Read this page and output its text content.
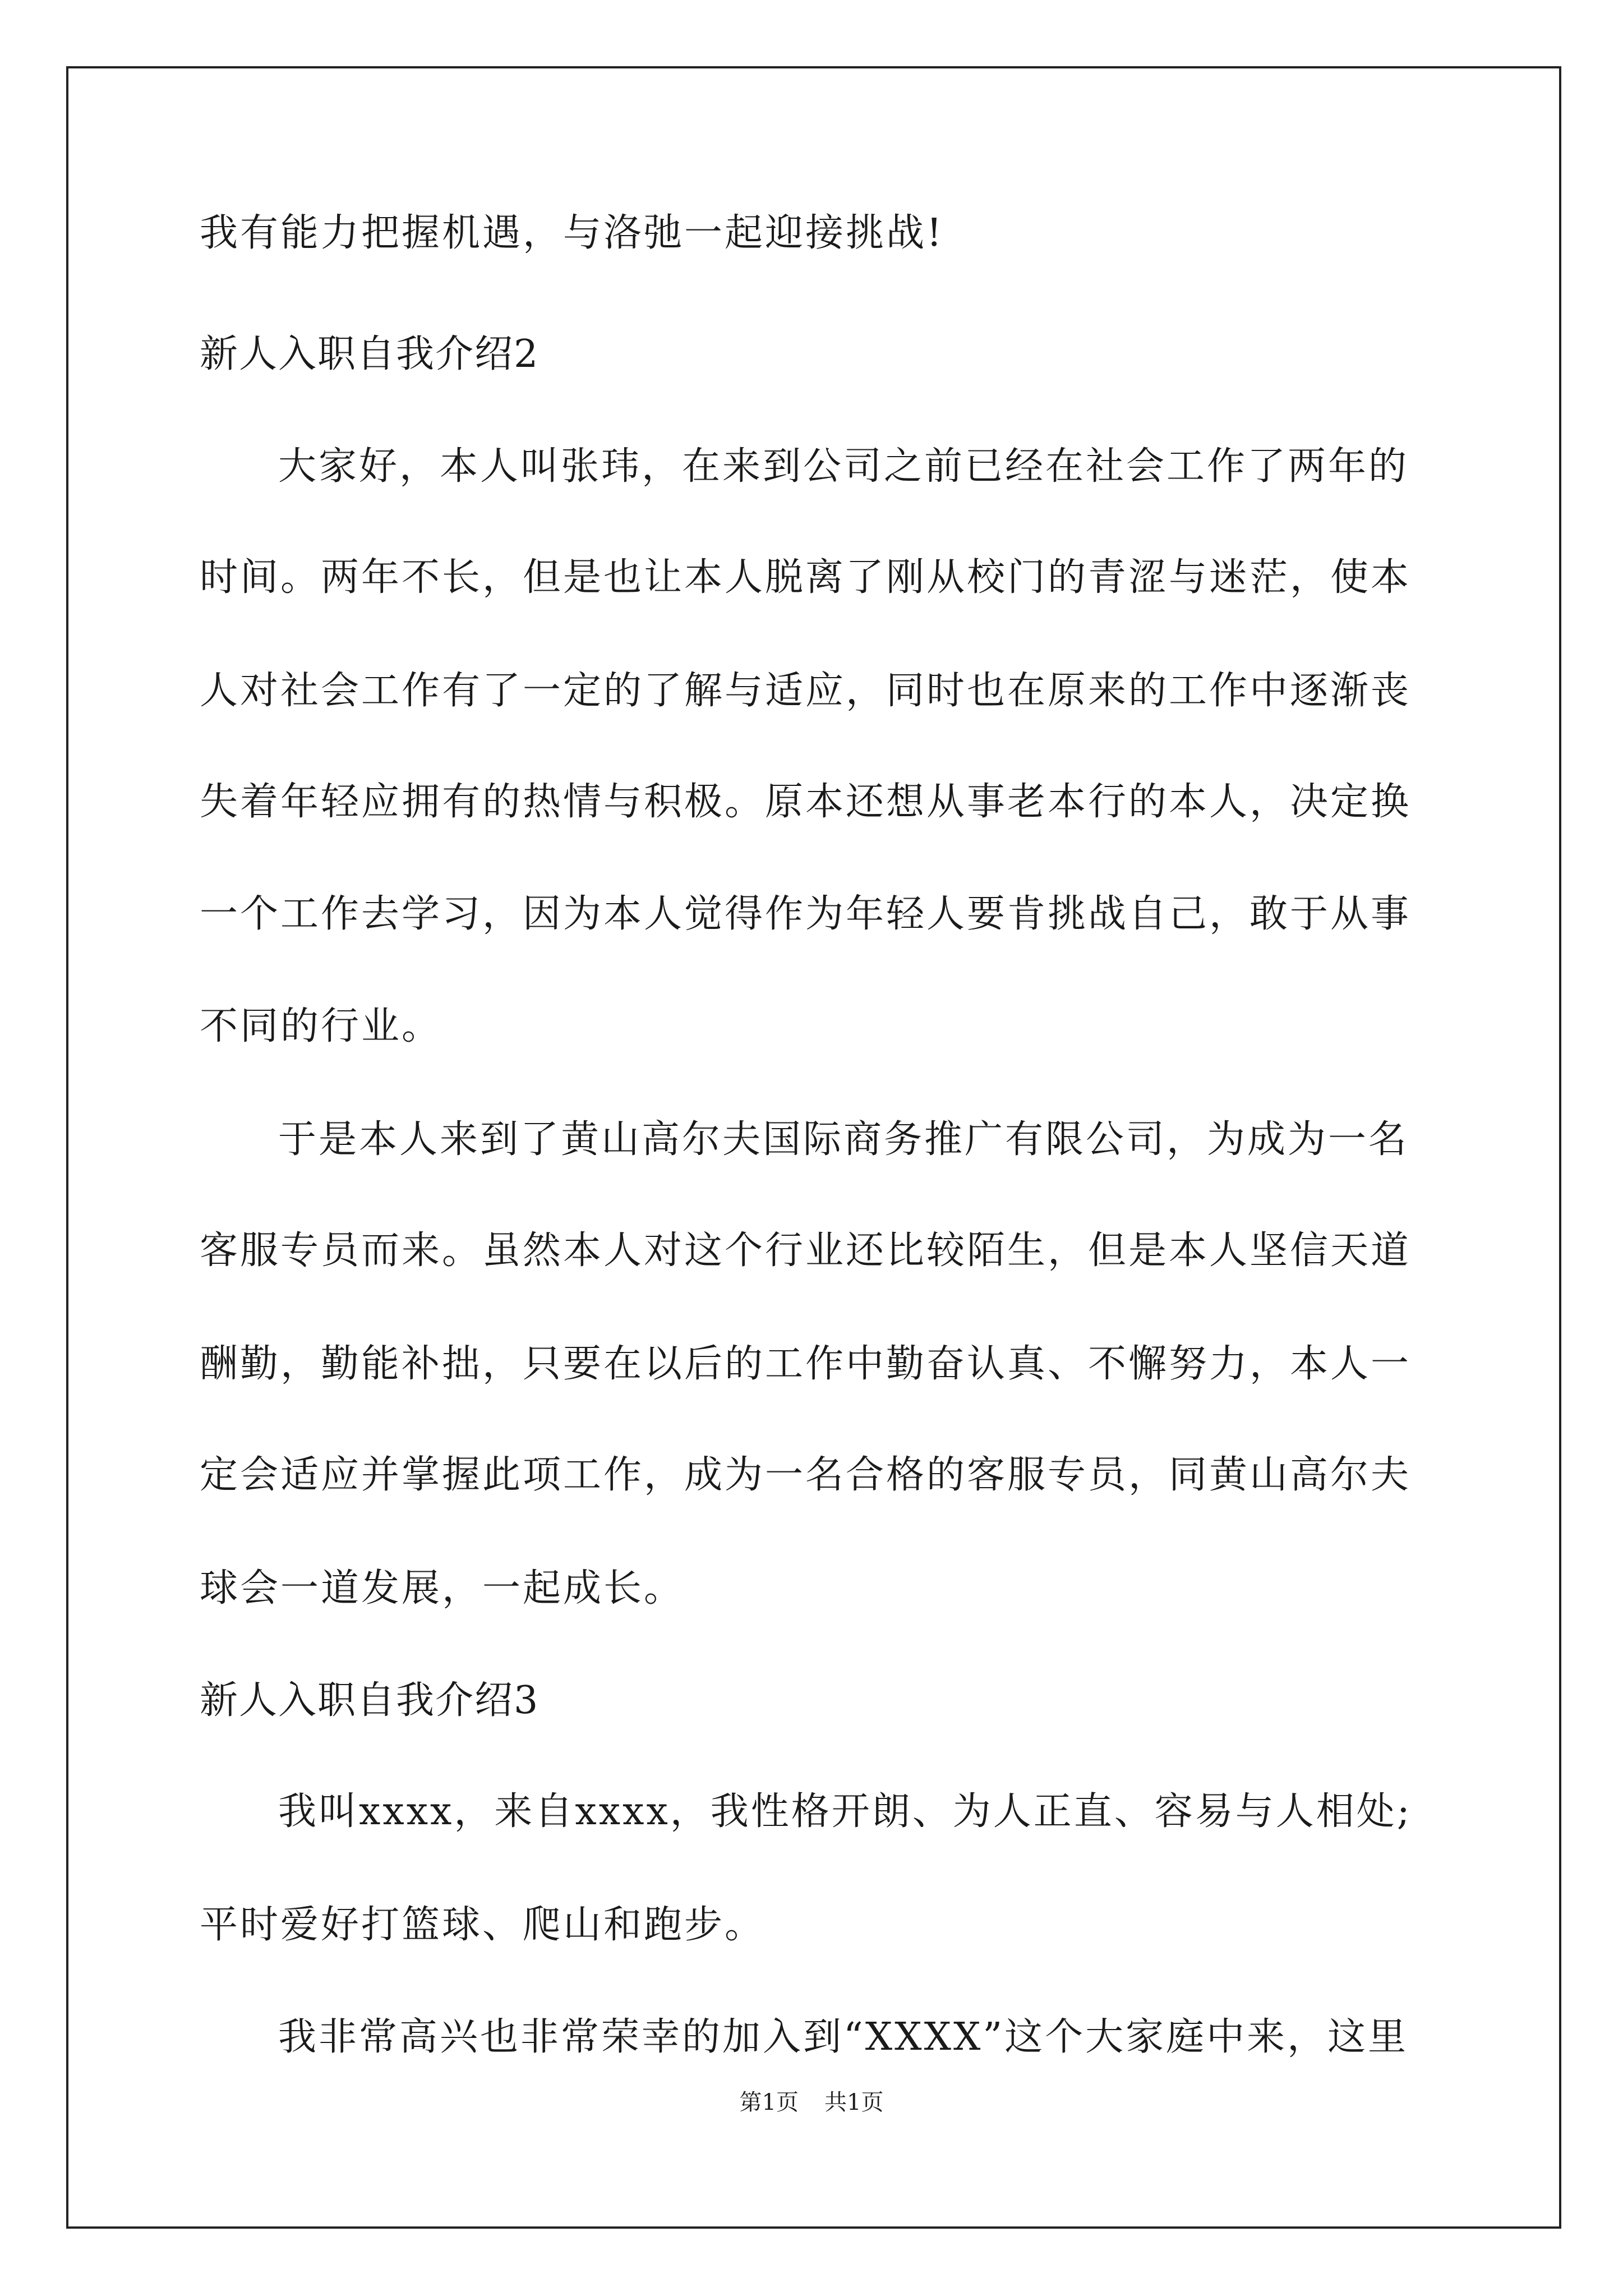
我有能力把握机遇，与洛弛一起迎接挑战!
新人入职自我介绍2
大家好，本人叫张玮，在来到公司之前已经在社会工作了两年的
时间。两年不长，但是也让本人脱离了刚从校门的青涩与迷茫，使本
人对社会工作有了一定的了解与适应，同时也在原来的工作中逐渐丧
失着年轻应拥有的热情与积极。原本还想从事老本行的本人，决定换
一个工作去学习，因为本人觉得作为年轻人要肯挑战自己，敢于从事
不同的行业。
于是本人来到了黄山高尔夫国际商务推广有限公司，为成为一名
客服专员而来。虽然本人对这个行业还比较陌生，但是本人坚信天道
酬勤，勤能补拙，只要在以后的工作中勤奋认真、不懈努力，本人一
定会适应并掌握此项工作，成为一名合格的客服专员，同黄山高尔夫
球会一道发展，一起成长。
新人入职自我介绍3
我叫xxxx，来自xxxx，我性格开朗、为人正直、容易与人相处;
平时爱好打篮球、爬山和跑步。
我非常高兴也非常荣幸的加入到“XXXX”这个大家庭中来，这里
第1页 共1页
